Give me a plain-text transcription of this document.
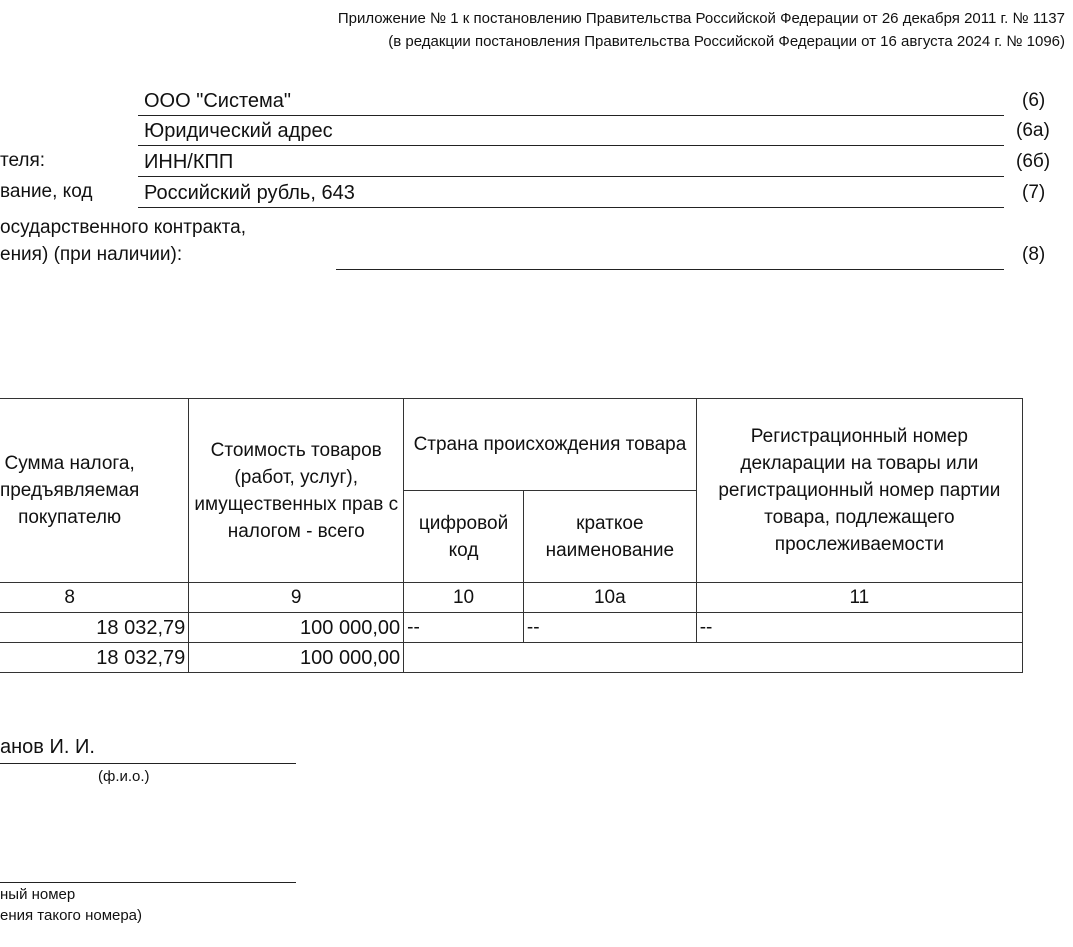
Приложение № 1 к постановлению Правительства Российской Федерации от 26 декабря 2011 г. № 1137
(в редакции постановления Правительства Российской Федерации от 16 августа 2024 г. № 1096)
ООО "Система"	(6)
Юридический адрес	(6а)
теля:	ИНН/КПП	(6б)
вание, код	Российский рубль, 643	(7)
осударственного контракта,
ения) (при наличии):	(8)
Сумма налога, предъявляемая покупателю	Стоимость товаров (работ, услуг), имущественных прав с налогом - всего	Страна происхождения товара		Регистрационный номер декларации на товары или регистрационный номер партии товара, подлежащего прослеживаемости
		цифровой код	краткое наименование	
8	9	10	10а	11
18 032,79	100 000,00	--	--	--
18 032,79	100 000,00			
анов И. И.
(ф.и.о.)
ный номер
ения такого номера)
